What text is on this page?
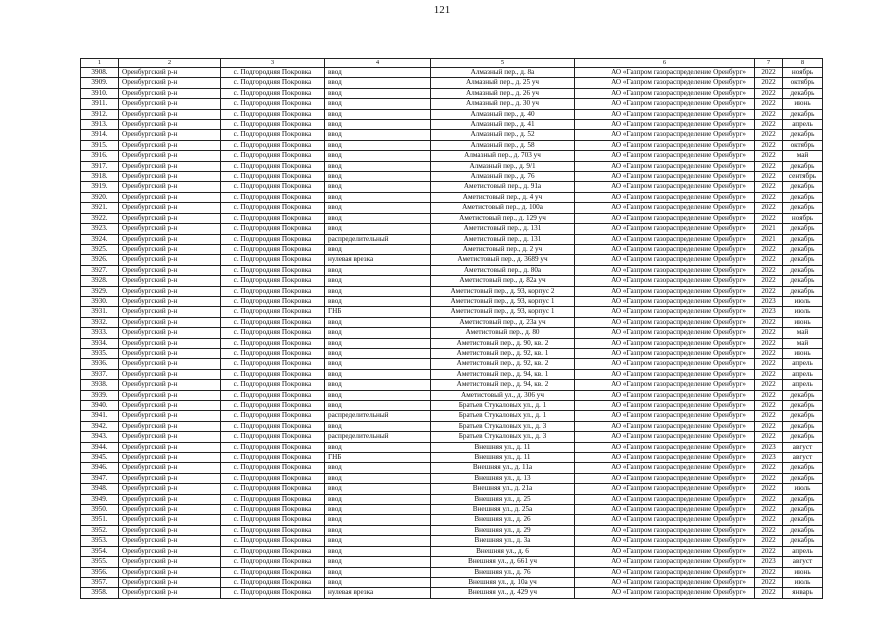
121
1	2	3	4	5	6	7	8
3908.	Оренбургский р-н	с. Подгородняя Покровка	ввод	Алмазный пер., д. 8а	АО «Газпром газораспределение Оренбург»	2022	ноябрь
3909.	Оренбургский р-н	с. Подгородняя Покровка	ввод	Алмазный пер., д. 25 уч	АО «Газпром газораспределение Оренбург»	2022	октябрь
3910.	Оренбургский р-н	с. Подгородняя Покровка	ввод	Алмазный пер., д. 26 уч	АО «Газпром газораспределение Оренбург»	2022	декабрь
3911.	Оренбургский р-н	с. Подгородняя Покровка	ввод	Алмазный пер., д. 30 уч	АО «Газпром газораспределение Оренбург»	2022	июнь
3912.	Оренбургский р-н	с. Подгородняя Покровка	ввод	Алмазный пер., д. 40	АО «Газпром газораспределение Оренбург»	2022	декабрь
3913.	Оренбургский р-н	с. Подгородняя Покровка	ввод	Алмазный пер., д. 41	АО «Газпром газораспределение Оренбург»	2022	апрель
3914.	Оренбургский р-н	с. Подгородняя Покровка	ввод	Алмазный пер., д. 52	АО «Газпром газораспределение Оренбург»	2022	декабрь
3915.	Оренбургский р-н	с. Подгородняя Покровка	ввод	Алмазный пер., д. 58	АО «Газпром газораспределение Оренбург»	2022	октябрь
3916.	Оренбургский р-н	с. Подгородняя Покровка	ввод	Алмазный пер., д. 703 уч	АО «Газпром газораспределение Оренбург»	2022	май
3917.	Оренбургский р-н	с. Подгородняя Покровка	ввод	Алмазный пер., д. 9/1	АО «Газпром газораспределение Оренбург»	2022	декабрь
3918.	Оренбургский р-н	с. Подгородняя Покровка	ввод	Алмазный пер., д. 76	АО «Газпром газораспределение Оренбург»	2022	сентябрь
3919.	Оренбургский р-н	с. Подгородняя Покровка	ввод	Аметистовый пер., д. 91а	АО «Газпром газораспределение Оренбург»	2022	декабрь
3920.	Оренбургский р-н	с. Подгородняя Покровка	ввод	Аметистовый пер., д. 4 уч	АО «Газпром газораспределение Оренбург»	2022	декабрь
3921.	Оренбургский р-н	с. Подгородняя Покровка	ввод	Аметистовый пер., д. 100а	АО «Газпром газораспределение Оренбург»	2022	декабрь
3922.	Оренбургский р-н	с. Подгородняя Покровка	ввод	Аметистовый пер., д. 129 уч	АО «Газпром газораспределение Оренбург»	2022	ноябрь
3923.	Оренбургский р-н	с. Подгородняя Покровка	ввод	Аметистовый пер., д. 131	АО «Газпром газораспределение Оренбург»	2021	декабрь
3924.	Оренбургский р-н	с. Подгородняя Покровка	распределительный	Аметистовый пер., д. 131	АО «Газпром газораспределение Оренбург»	2021	декабрь
3925.	Оренбургский р-н	с. Подгородняя Покровка	ввод	Аметистовый пер., д. 2 уч	АО «Газпром газораспределение Оренбург»	2022	декабрь
3926.	Оренбургский р-н	с. Подгородняя Покровка	нулевая врезка	Аметистовый пер., д. 3689 уч	АО «Газпром газораспределение Оренбург»	2022	декабрь
3927.	Оренбургский р-н	с. Подгородняя Покровка	ввод	Аметистовый пер., д. 80а	АО «Газпром газораспределение Оренбург»	2022	декабрь
3928.	Оренбургский р-н	с. Подгородняя Покровка	ввод	Аметистовый пер., д. 82а уч	АО «Газпром газораспределение Оренбург»	2022	декабрь
3929.	Оренбургский р-н	с. Подгородняя Покровка	ввод	Аметистовый пер., д. 93, корпус 2	АО «Газпром газораспределение Оренбург»	2022	декабрь
3930.	Оренбургский р-н	с. Подгородняя Покровка	ввод	Аметистовый пер., д. 93, корпус 1	АО «Газпром газораспределение Оренбург»	2023	июль
3931.	Оренбургский р-н	с. Подгородняя Покровка	ГНБ	Аметистовый пер., д. 93, корпус 1	АО «Газпром газораспределение Оренбург»	2023	июль
3932.	Оренбургский р-н	с. Подгородняя Покровка	ввод	Аметистовый пер., д. 23а уч	АО «Газпром газораспределение Оренбург»	2022	июнь
3933.	Оренбургский р-н	с. Подгородняя Покровка	ввод	Аметистовый пер., д. 80	АО «Газпром газораспределение Оренбург»	2022	май
3934.	Оренбургский р-н	с. Подгородняя Покровка	ввод	Аметистовый пер., д. 90, кв. 2	АО «Газпром газораспределение Оренбург»	2022	май
3935.	Оренбургский р-н	с. Подгородняя Покровка	ввод	Аметистовый пер., д. 92, кв. 1	АО «Газпром газораспределение Оренбург»	2022	июнь
3936.	Оренбургский р-н	с. Подгородняя Покровка	ввод	Аметистовый пер., д. 92, кв. 2	АО «Газпром газораспределение Оренбург»	2022	апрель
3937.	Оренбургский р-н	с. Подгородняя Покровка	ввод	Аметистовый пер., д. 94, кв. 1	АО «Газпром газораспределение Оренбург»	2022	апрель
3938.	Оренбургский р-н	с. Подгородняя Покровка	ввод	Аметистовый пер., д. 94, кв. 2	АО «Газпром газораспределение Оренбург»	2022	апрель
3939.	Оренбургский р-н	с. Подгородняя Покровка	ввод	Аметистовый ул., д. 306 уч	АО «Газпром газораспределение Оренбург»	2022	декабрь
3940.	Оренбургский р-н	с. Подгородняя Покровка	ввод	Братьев Стукаловых ул., д. 1	АО «Газпром газораспределение Оренбург»	2022	декабрь
3941.	Оренбургский р-н	с. Подгородняя Покровка	распределительный	Братьев Стукаловых ул., д. 1	АО «Газпром газораспределение Оренбург»	2022	декабрь
3942.	Оренбургский р-н	с. Подгородняя Покровка	ввод	Братьев Стукаловых ул., д. 3	АО «Газпром газораспределение Оренбург»	2022	декабрь
3943.	Оренбургский р-н	с. Подгородняя Покровка	распределительный	Братьев Стукаловых ул., д. 3	АО «Газпром газораспределение Оренбург»	2022	декабрь
3944.	Оренбургский р-н	с. Подгородняя Покровка	ввод	Внешняя ул., д. 11	АО «Газпром газораспределение Оренбург»	2023	август
3945.	Оренбургский р-н	с. Подгородняя Покровка	ГНБ	Внешняя ул., д. 11	АО «Газпром газораспределение Оренбург»	2023	август
3946.	Оренбургский р-н	с. Подгородняя Покровка	ввод	Внешняя ул., д. 11а	АО «Газпром газораспределение Оренбург»	2022	декабрь
3947.	Оренбургский р-н	с. Подгородняя Покровка	ввод	Внешняя ул., д. 13	АО «Газпром газораспределение Оренбург»	2022	декабрь
3948.	Оренбургский р-н	с. Подгородняя Покровка	ввод	Внешняя ул., д. 21а	АО «Газпром газораспределение Оренбург»	2022	июль
3949.	Оренбургский р-н	с. Подгородняя Покровка	ввод	Внешняя ул., д. 25	АО «Газпром газораспределение Оренбург»	2022	декабрь
3950.	Оренбургский р-н	с. Подгородняя Покровка	ввод	Внешняя ул., д. 25а	АО «Газпром газораспределение Оренбург»	2022	декабрь
3951.	Оренбургский р-н	с. Подгородняя Покровка	ввод	Внешняя ул., д. 26	АО «Газпром газораспределение Оренбург»	2022	декабрь
3952.	Оренбургский р-н	с. Подгородняя Покровка	ввод	Внешняя ул., д. 29	АО «Газпром газораспределение Оренбург»	2022	декабрь
3953.	Оренбургский р-н	с. Подгородняя Покровка	ввод	Внешняя ул., д. 3а	АО «Газпром газораспределение Оренбург»	2022	декабрь
3954.	Оренбургский р-н	с. Подгородняя Покровка	ввод	Внешняя ул., д. 6	АО «Газпром газораспределение Оренбург»	2022	апрель
3955.	Оренбургский р-н	с. Подгородняя Покровка	ввод	Внешняя ул., д. 661 уч	АО «Газпром газораспределение Оренбург»	2023	август
3956.	Оренбургский р-н	с. Подгородняя Покровка	ввод	Внешняя ул., д. 76	АО «Газпром газораспределение Оренбург»	2022	июнь
3957.	Оренбургский р-н	с. Подгородняя Покровка	ввод	Внешняя ул., д. 10а уч	АО «Газпром газораспределение Оренбург»	2022	июль
3958.	Оренбургский р-н	с. Подгородняя Покровка	нулевая врезка	Внешняя ул., д. 429 уч	АО «Газпром газораспределение Оренбург»	2022	январь
